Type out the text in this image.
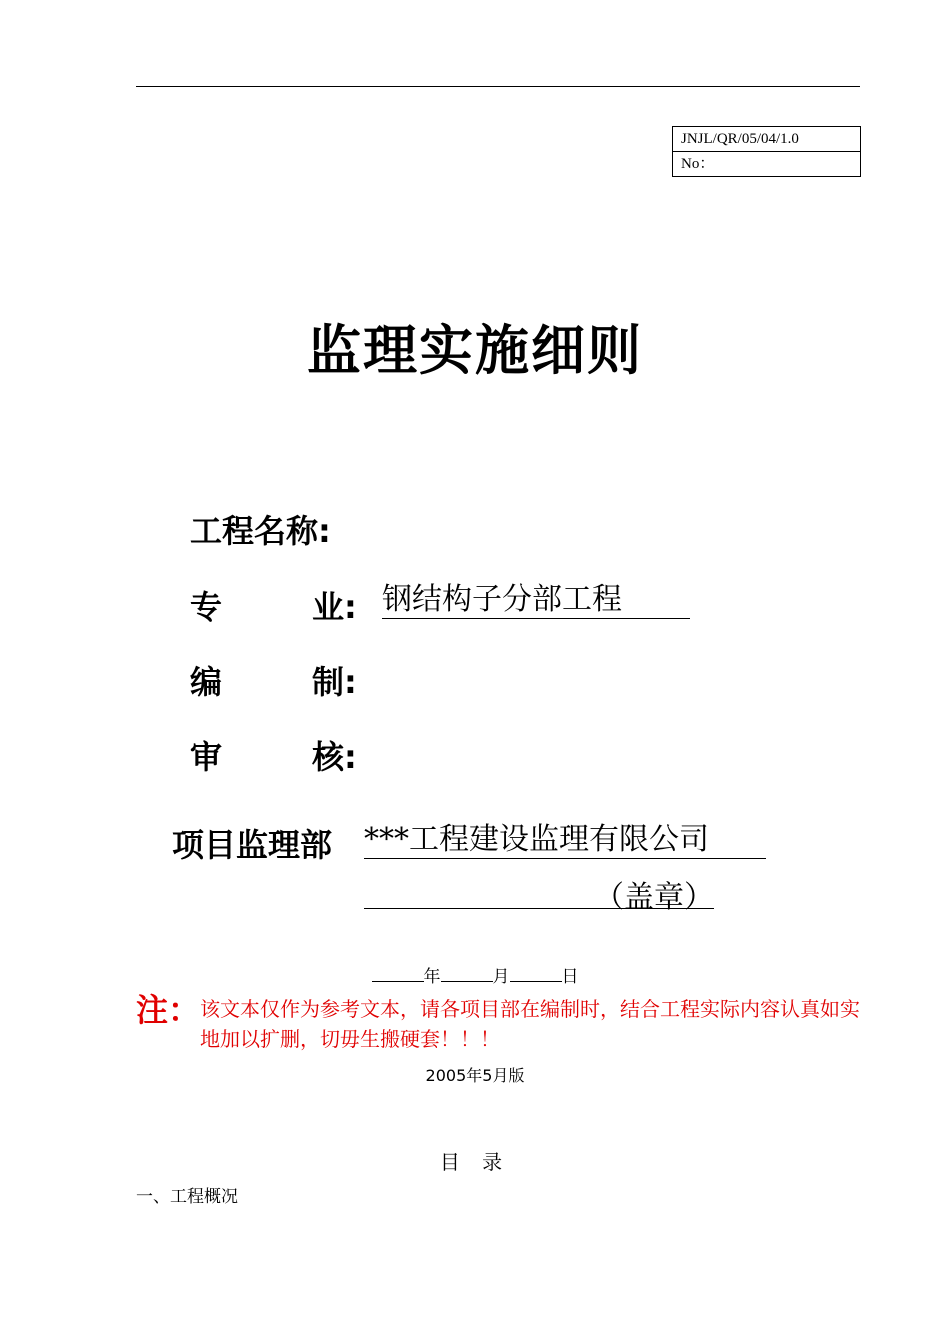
JNJL/QR/05/04/1.0
No：
监理实施细则
工程名称:
专	业: 钢结构子分部工程
编	制:
审	核:
项目监理部 ***工程建设监理有限公司
（盖章）
年	月	日
注： 该文本仅作为参考文本，请各项目部在编制时，结合工程实际内容认真如实地加以扩删，切毋生搬硬套！！！
2005年5月版
目 录
一、工程概况
